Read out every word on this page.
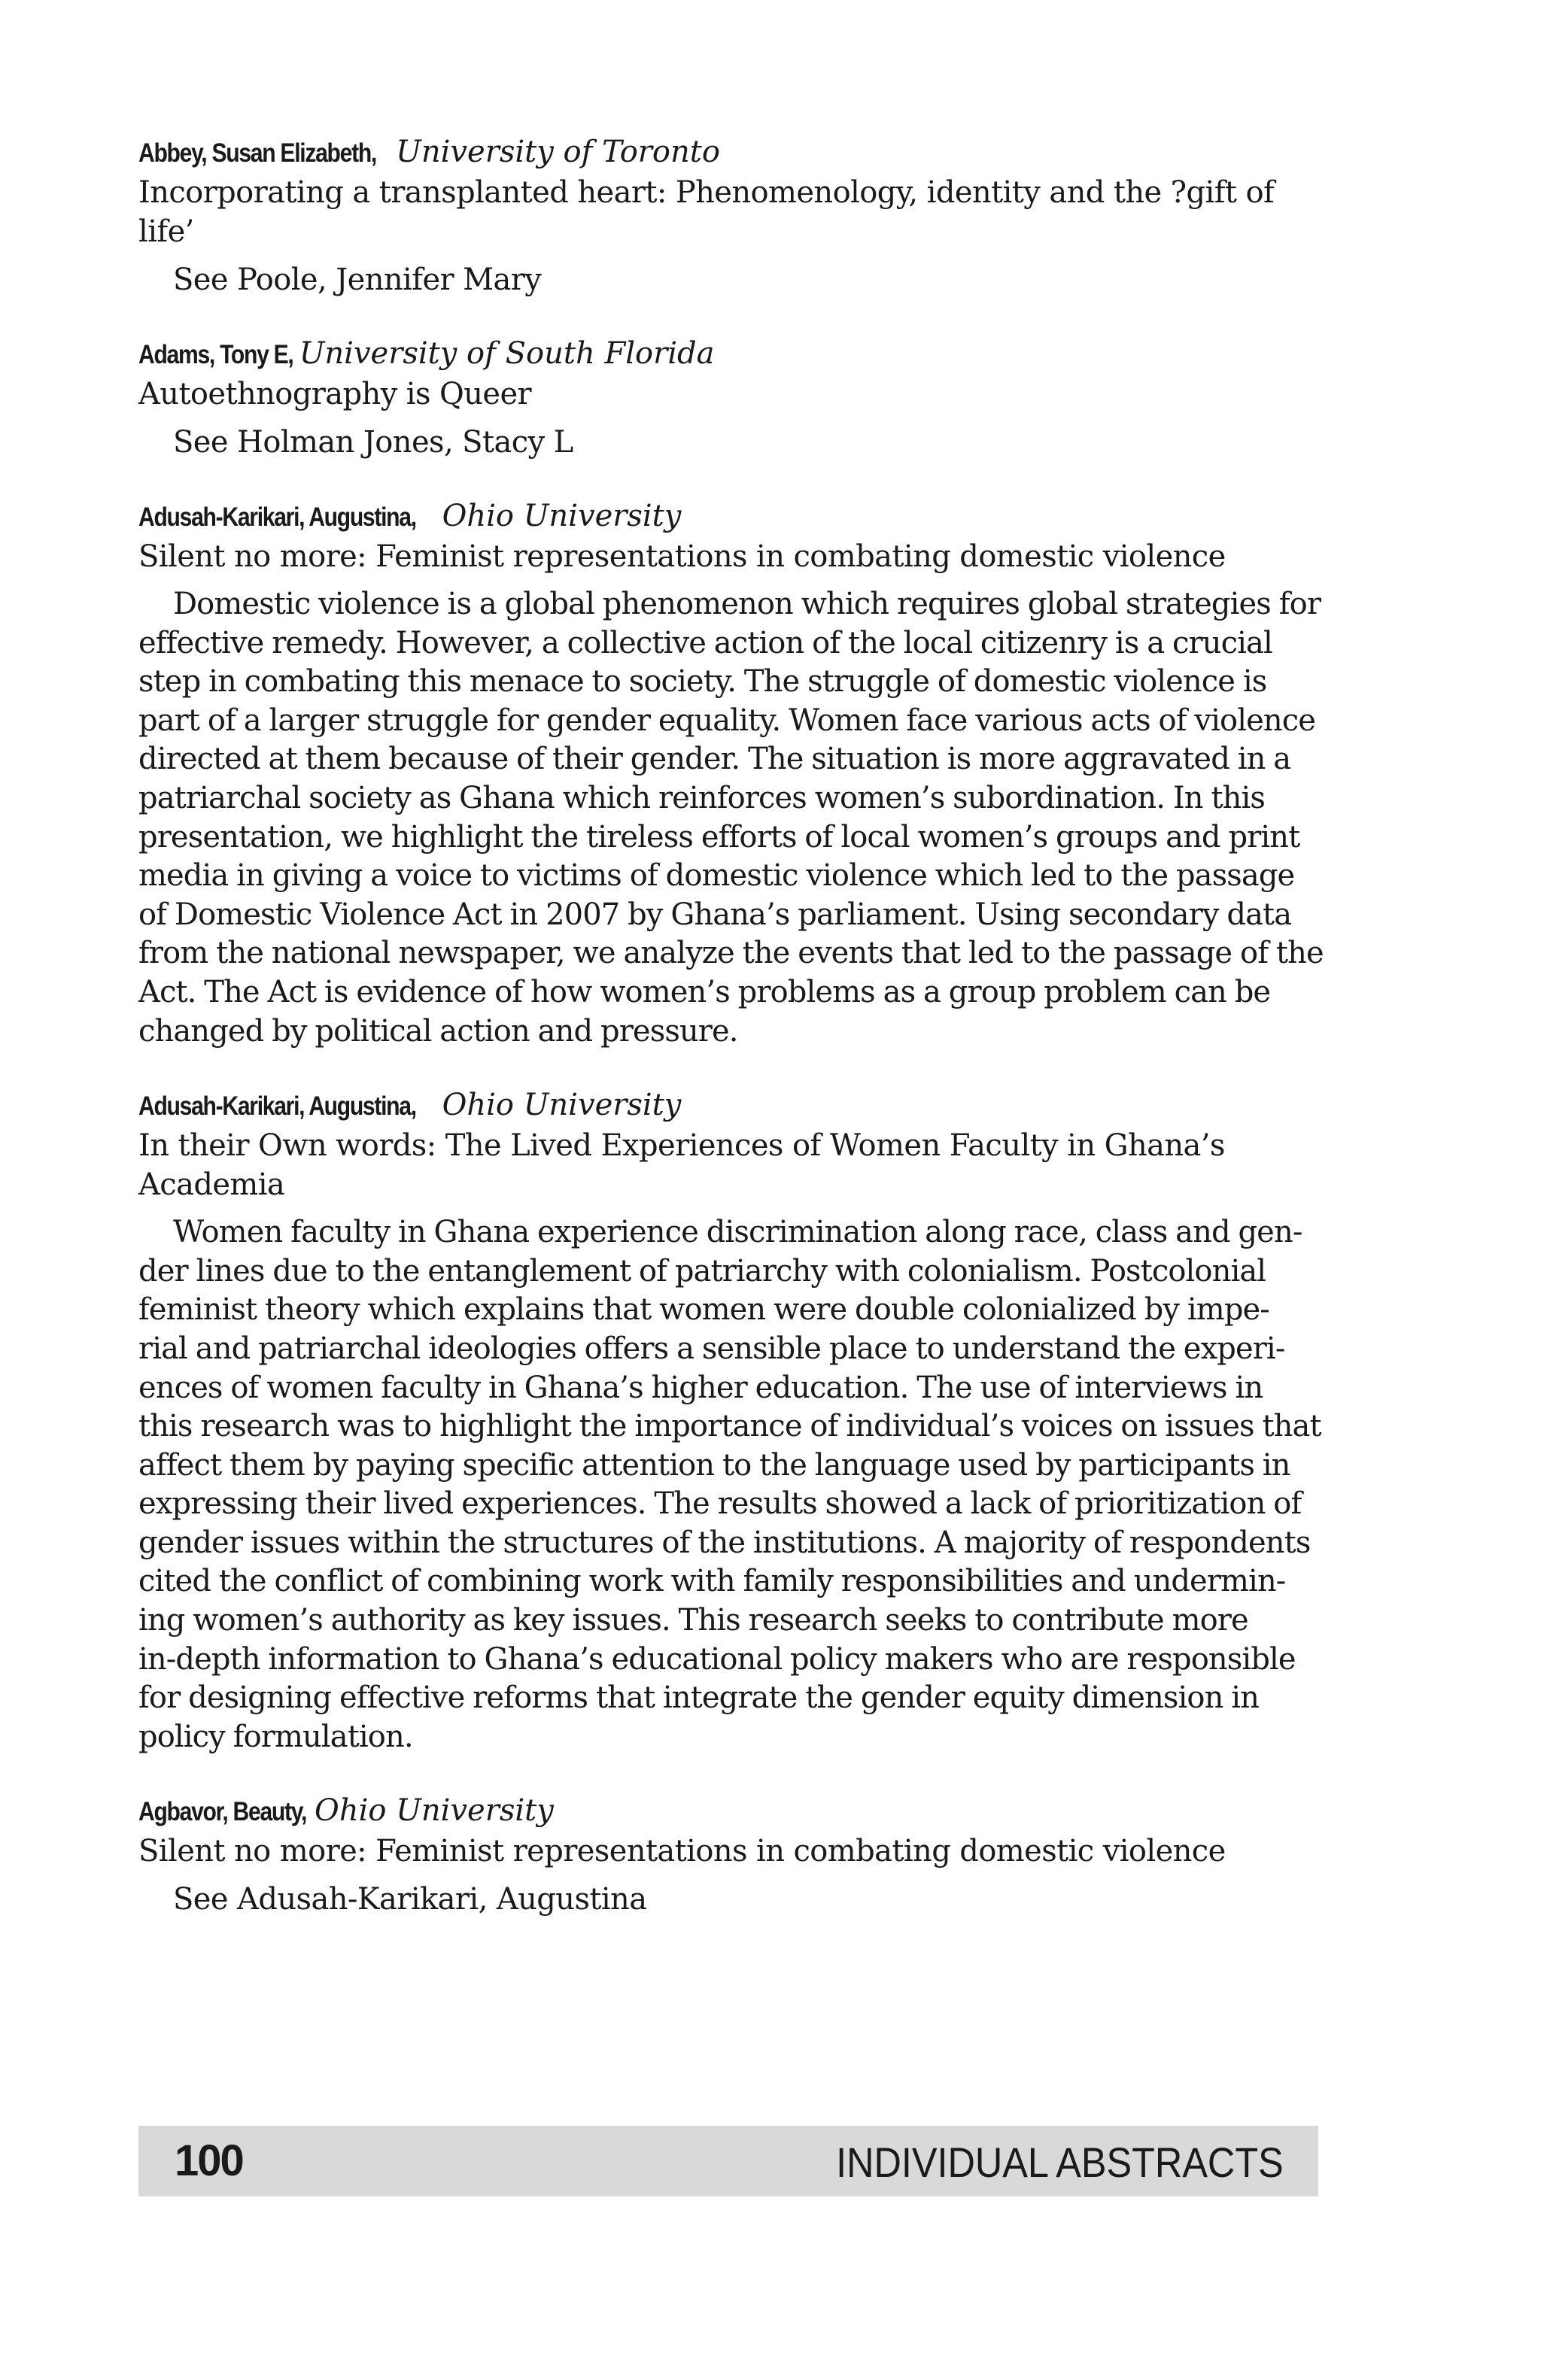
Abbey, Susan Elizabeth, University of Toronto

Incorporating a transplanted heart: Phenomenology, identity and the ?gift of life’

See Poole, Jennifer Mary

Adams, Tony E, University of South Florida

Autoethnography is Queer

See Holman Jones, Stacy L

Adusah-Karikari, Augustina, Ohio University

Silent no more: Feminist representations in combating domestic violence

Domestic violence is a global phenomenon which requires global strategies for
effective remedy. However, a collective action of the local citizenry is a crucial
step in combating this menace to society. The struggle of domestic violence is
part of a larger struggle for gender equality. Women face various acts of violence
directed at them because of their gender. The situation is more aggravated in a
patriarchal society as Ghana which reinforces women’s subordination. In this
presentation, we highlight the tireless efforts of local women’s groups and print
media in giving a voice to victims of domestic violence which led to the passage
of Domestic Violence Act in 2007 by Ghana’s parliament. Using secondary data
from the national newspaper, we analyze the events that led to the passage of the
Act. The Act is evidence of how women’s problems as a group problem can be
changed by political action and pressure.

Adusah-Karikari, Augustina, Ohio University

In their Own words: The Lived Experiences of Women Faculty in Ghana’s Academia

Women faculty in Ghana experience discrimination along race, class and gen-
der lines due to the entanglement of patriarchy with colonialism. Postcolonial
feminist theory which explains that women were double colonialized by impe-
rial and patriarchal ideologies offers a sensible place to understand the experi-
ences of women faculty in Ghana’s higher education. The use of interviews in
this research was to highlight the importance of individual’s voices on issues that
affect them by paying specific attention to the language used by participants in
expressing their lived experiences. The results showed a lack of prioritization of
gender issues within the structures of the institutions. A majority of respondents
cited the conflict of combining work with family responsibilities and undermin-
ing women’s authority as key issues. This research seeks to contribute more
in-depth information to Ghana’s educational policy makers who are responsible
for designing effective reforms that integrate the gender equity dimension in
policy formulation.

Agbavor, Beauty, Ohio University

Silent no more: Feminist representations in combating domestic violence

See Adusah-Karikari, Augustina

100	INDIVIDUAL ABSTRACTS
